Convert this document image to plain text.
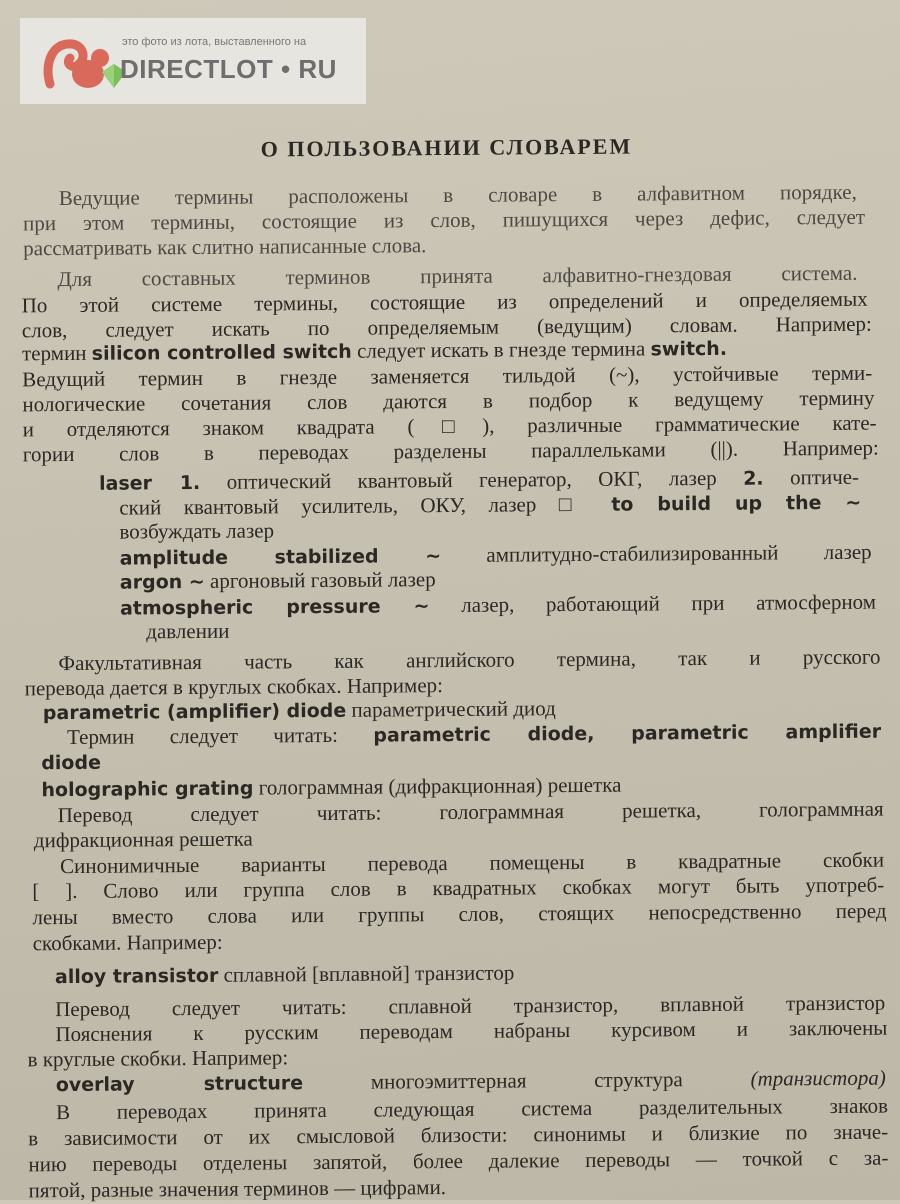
это фото из лота, выставленного на
DIRECTLOT • RU
О ПОЛЬЗОВАНИИ СЛОВАРЕМ
Ведущие термины расположены в словаре в алфавитном порядке,
при этом термины, состоящие из слов, пишущихся через дефис, следует
рассматривать как слитно написанные слова.
Для составных терминов принята алфавитно-гнездовая система.
По этой системе термины, состоящие из определений и определяемых
слов, следует искать по определяемым (ведущим) словам. Например:
термин silicon controlled switch следует искать в гнезде термина switch.
Ведущий термин в гнезде заменяется тильдой (~), устойчивые терми-
нологические сочетания слов даются в подбор к ведущему термину
и отделяются знаком квадрата (□), различные грамматические кате-
гории слов в переводах разделены параллельками (||). Например:
laser 1. оптический квантовый генератор, ОКГ, лазер 2. оптиче-
ский квантовый усилитель, ОКУ, лазер □ to build up the ~
возбуждать лазер
amplitude stabilized ~ амплитудно-стабилизированный лазер
argon ~ аргоновый газовый лазер
atmospheric pressure ~ лазер, работающий при атмосферном
давлении
Факультативная часть как английского термина, так и русского
перевода дается в круглых скобках. Например:
parametric (amplifier) diode параметрический диод
Термин следует читать: parametric diode, parametric amplifier
diode
holographic grating голограммная (дифракционная) решетка
Перевод следует читать: голограммная решетка, голограммная
дифракционная решетка
Синонимичные варианты перевода помещены в квадратные скобки
[ ]. Слово или группа слов в квадратных скобках могут быть употреб-
лены вместо слова или группы слов, стоящих непосредственно перед
скобками. Например:
alloy transistor сплавной [вплавной] транзистор
Перевод следует читать: сплавной транзистор, вплавной транзистор
Пояснения к русским переводам набраны курсивом и заключены
в круглые скобки. Например:
overlay structure многоэмиттерная структура (транзистора)
В переводах принята следующая система разделительных знаков
в зависимости от их смысловой близости: синонимы и близкие по значе-
нию переводы отделены запятой, более далекие переводы — точкой с за-
пятой, разные значения терминов — цифрами.
